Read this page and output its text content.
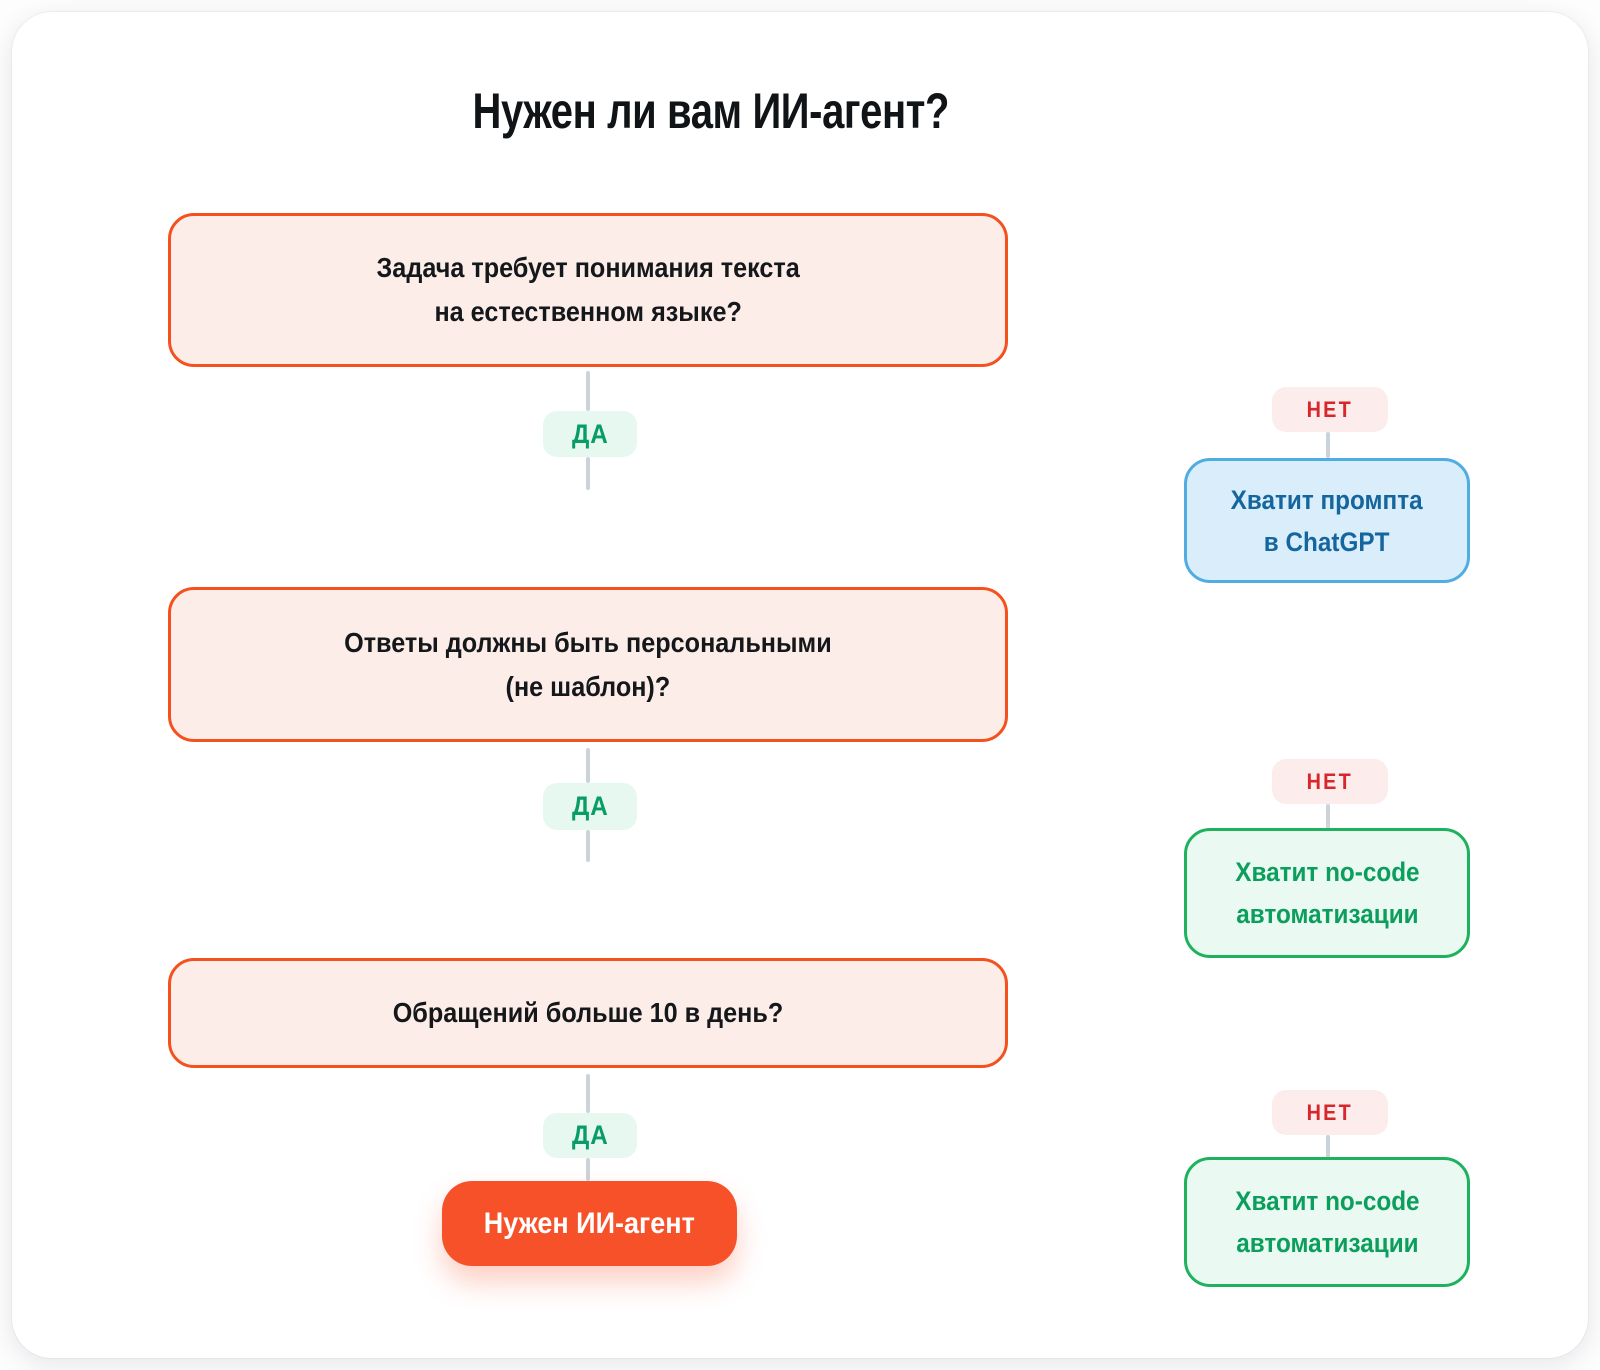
Нужен ли вам ИИ-агент?
Задача требует понимания текста
на естественном языке?
ДА
Ответы должны быть персональными
(не шаблон)?
ДА
Обращений больше 10 в день?
ДА
Нужен ИИ-агент
НЕТ
Хватит промпта
в ChatGPT
НЕТ
Хватит no-code
автоматизации
НЕТ
Хватит no-code
автоматизации
